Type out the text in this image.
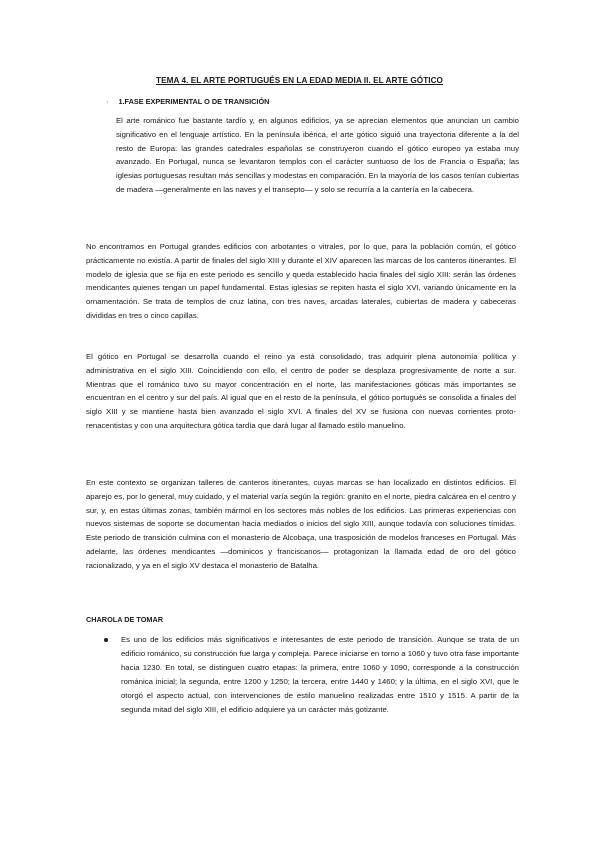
TEMA 4. EL ARTE PORTUGUÉS EN LA EDAD MEDIA II. EL ARTE GÓTICO
· 1.FASE EXPERIMENTAL O DE TRANSICIÓN

El arte románico fue bastante tardío y, en algunos edificios, ya se aprecian elementos que anuncian un cambio significativo en el lenguaje artístico. En la península ibérica, el arte gótico siguió una trayectoria diferente a la del resto de Europa: las grandes catedrales españolas se construyeron cuando el gótico europeo ya estaba muy avanzado. En Portugal, nunca se levantaron templos con el carácter suntuoso de los de Francia o España; las iglesias portuguesas resultan más sencillas y modestas en comparación. En la mayoría de los casos tenían cubiertas de madera —generalmente en las naves y el transepto— y solo se recurría a la cantería en la cabecera.

No encontramos en Portugal grandes edificios con arbotantes o vitrales, por lo que, para la población común, el gótico prácticamente no existía. A partir de finales del siglo XIII y durante el XIV aparecen las marcas de los canteros itinerantes. El modelo de iglesia que se fija en este periodo es sencillo y queda establecido hacia finales del siglo XIII: serán las órdenes mendicantes quienes tengan un papel fundamental. Estas iglesias se repiten hasta el siglo XVI, variando únicamente en la ornamentación. Se trata de templos de cruz latina, con tres naves, arcadas laterales, cubiertas de madera y cabeceras divididas en tres o cinco capillas.

El gótico en Portugal se desarrolla cuando el reino ya está consolidado, tras adquirir plena autonomía política y administrativa en el siglo XIII. Coincidiendo con ello, el centro de poder se desplaza progresivamente de norte a sur. Mientras que el románico tuvo su mayor concentración en el norte, las manifestaciones góticas más importantes se encuentran en el centro y sur del país. Al igual que en el resto de la península, el gótico portugués se consolida a finales del siglo XIII y se mantiene hasta bien avanzado el siglo XVI. A finales del XV se fusiona con nuevas corrientes proto-renacentistas y con una arquitectura gótica tardía que dará lugar al llamado estilo manuelino.

En este contexto se organizan talleres de canteros itinerantes, cuyas marcas se han localizado en distintos edificios. El aparejo es, por lo general, muy cuidado, y el material varía según la región: granito en el norte, piedra calcárea en el centro y sur, y, en estas últimas zonas, también mármol en los sectores más nobles de los edificios. Las primeras experiencias con nuevos sistemas de soporte se documentan hacia mediados o inicios del siglo XIII, aunque todavía con soluciones tímidas. Este periodo de transición culmina con el monasterio de Alcobaça, una trasposición de modelos franceses en Portugal. Más adelante, las órdenes mendicantes —dominicos y franciscanos— protagonizan la llamada edad de oro del gótico racionalizado, y ya en el siglo XV destaca el monasterio de Batalha.

CHAROLA DE TOMAR
Es uno de los edificios más significativos e interesantes de este periodo de transición. Aunque se trata de un edificio románico, su construcción fue larga y compleja. Parece iniciarse en torno a 1060 y tuvo otra fase importante hacia 1230. En total, se distinguen cuatro etapas: la primera, entre 1060 y 1090, corresponde a la construcción románica inicial; la segunda, entre 1200 y 1250; la tercera, entre 1440 y 1460; y la última, en el siglo XVI, que le otorgó el aspecto actual, con intervenciones de estilo manuelino realizadas entre 1510 y 1515. A partir de la segunda mitad del siglo XIII, el edificio adquiere ya un carácter más gotizante.
